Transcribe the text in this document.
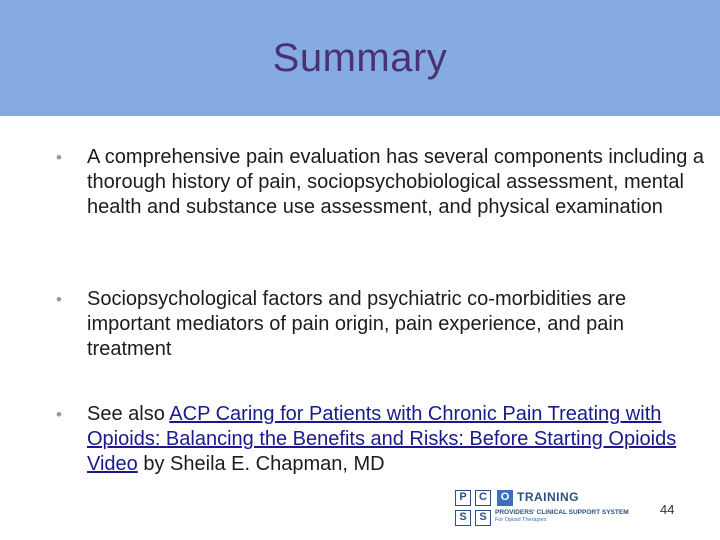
Summary
•	A comprehensive pain evaluation has several components including a thorough history of pain, sociopsychobiological assessment, mental health and substance use assessment, and physical examination
•	Sociopsychological factors and psychiatric co-morbidities are important mediators of pain origin, pain experience, and pain treatment
•	See also ACP Caring for Patients with Chronic Pain Treating with Opioids: Balancing the Benefits and Risks: Before Starting Opioids Video by Sheila E. Chapman, MD
P	C	O
S	S
TRAINING
PROVIDERS' CLINICAL SUPPORT SYSTEM
For Opioid Therapies
44
